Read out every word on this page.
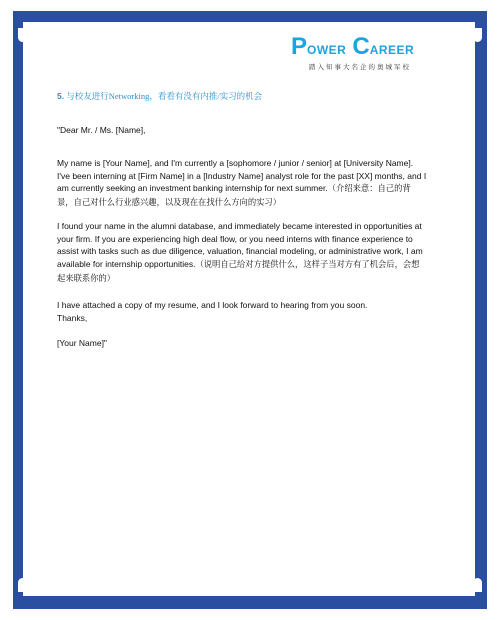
POWER CAREER
踏入知事大名企的奥城军校
5. 与校友进行Networking，看看有没有内推/实习的机会

"Dear Mr. / Ms. [Name],

My name is [Your Name], and I'm currently a [sophomore / junior / senior] at [University Name]. I've been interning at [Firm Name] in a [Industry Name] analyst role for the past [XX] months, and I am currently seeking an investment banking internship for next summer.（介绍来意：自己的背景，自己对什么行业感兴趣，以及现在在找什么方向的实习）

I found your name in the alumni database, and immediately became interested in opportunities at your firm. If you are experiencing high deal flow, or you need interns with finance experience to assist with tasks such as due diligence, valuation, financial modeling, or administrative work, I am available for internship opportunities.（说明自己给对方提供什么，这样子当对方有了机会后，会想起来联系你的）

I have attached a copy of my resume, and I look forward to hearing from you soon.

Thanks,

[Your Name]"
